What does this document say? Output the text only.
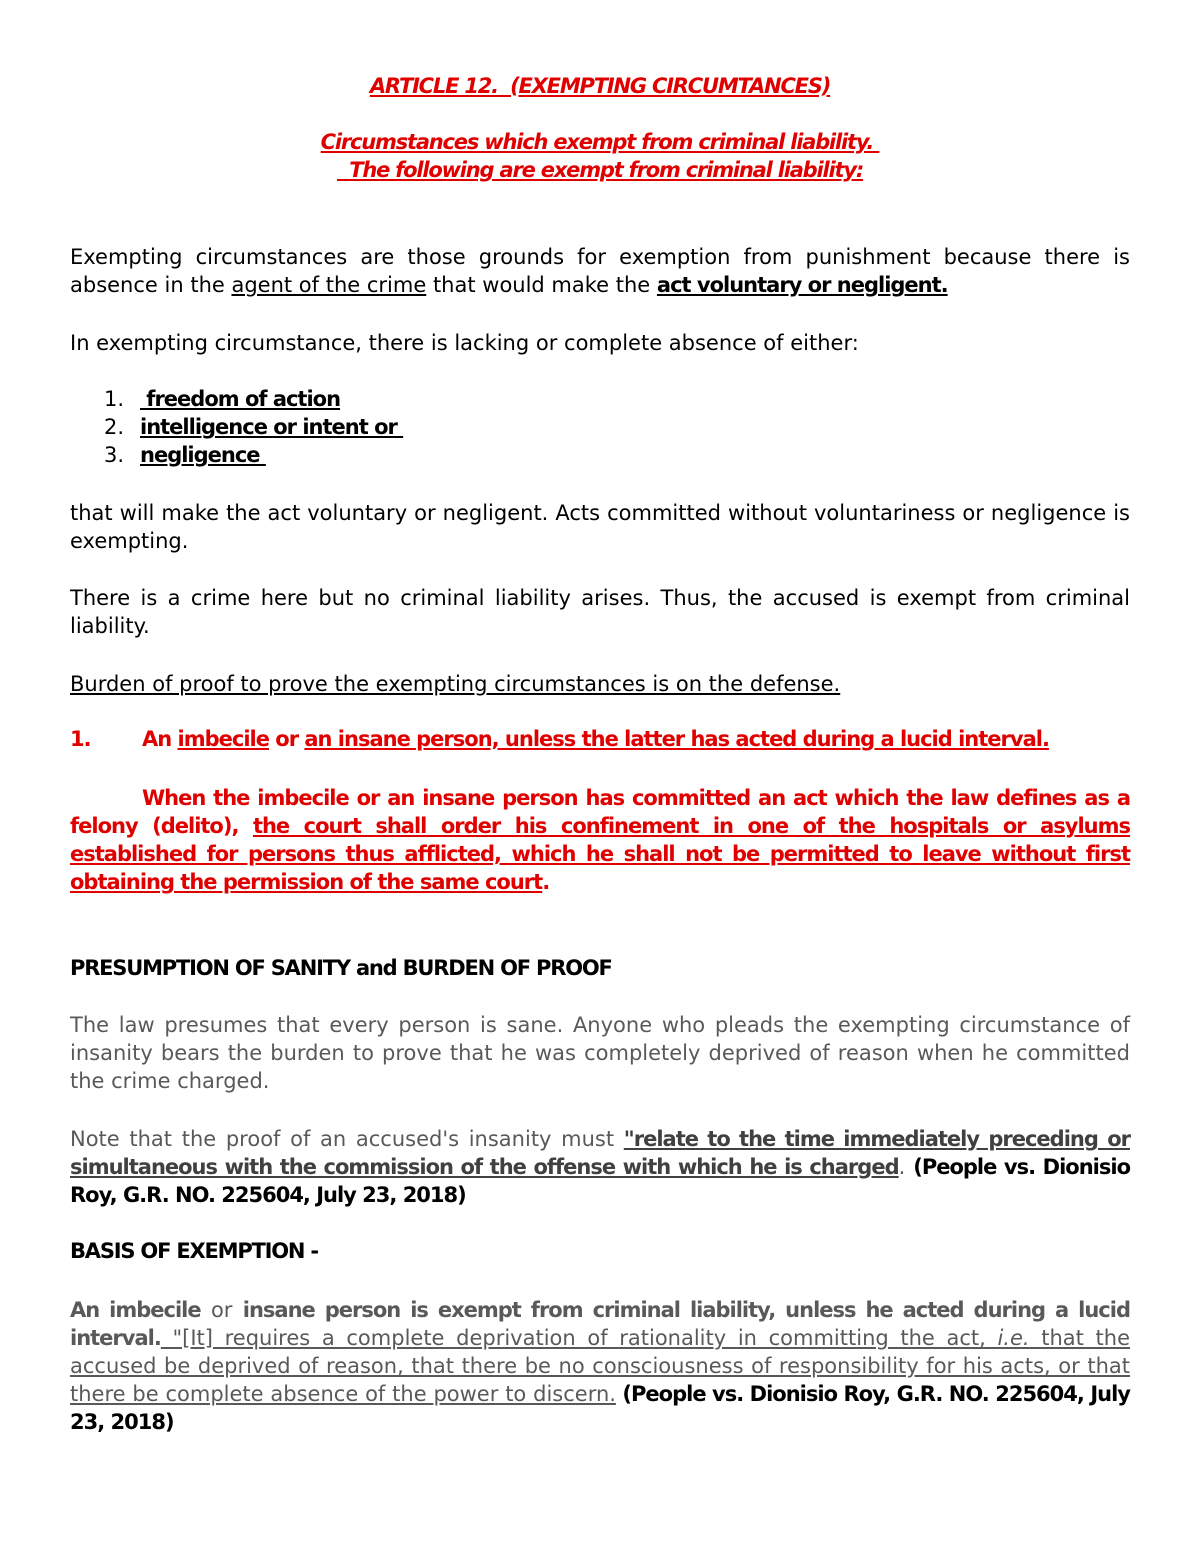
ARTICLE 12.  (EXEMPTING CIRCUMTANCES)
Circumstances which exempt from criminal liability.
The following are exempt from criminal liability:
Exempting circumstances are those grounds for exemption from punishment because there is absence in the agent of the crime that would make the act voluntary or negligent.
In exempting circumstance, there is lacking or complete absence of either:
1. freedom of action
2. intelligence or intent or
3. negligence
that will make the act voluntary or negligent. Acts committed without voluntariness or negligence is exempting.
There is a crime here but no criminal liability arises. Thus, the accused is exempt from criminal liability.
Burden of proof to prove the exempting circumstances is on the defense.
1. An imbecile or an insane person, unless the latter has acted during a lucid interval.
When the imbecile or an insane person has committed an act which the law defines as a felony (delito), the court shall order his confinement in one of the hospitals or asylums established for persons thus afflicted, which he shall not be permitted to leave without first obtaining the permission of the same court.
PRESUMPTION OF SANITY and BURDEN OF PROOF
The law presumes that every person is sane. Anyone who pleads the exempting circumstance of insanity bears the burden to prove that he was completely deprived of reason when he committed the crime charged.
Note that the proof of an accused's insanity must "relate to the time immediately preceding or simultaneous with the commission of the offense with which he is charged. (People vs. Dionisio Roy, G.R. NO. 225604, July 23, 2018)
BASIS OF EXEMPTION -
An imbecile or insane person is exempt from criminal liability, unless he acted during a lucid interval. "[It] requires a complete deprivation of rationality in committing the act, i.e. that the accused be deprived of reason, that there be no consciousness of responsibility for his acts, or that there be complete absence of the power to discern. (People vs. Dionisio Roy, G.R. NO. 225604, July 23, 2018)
